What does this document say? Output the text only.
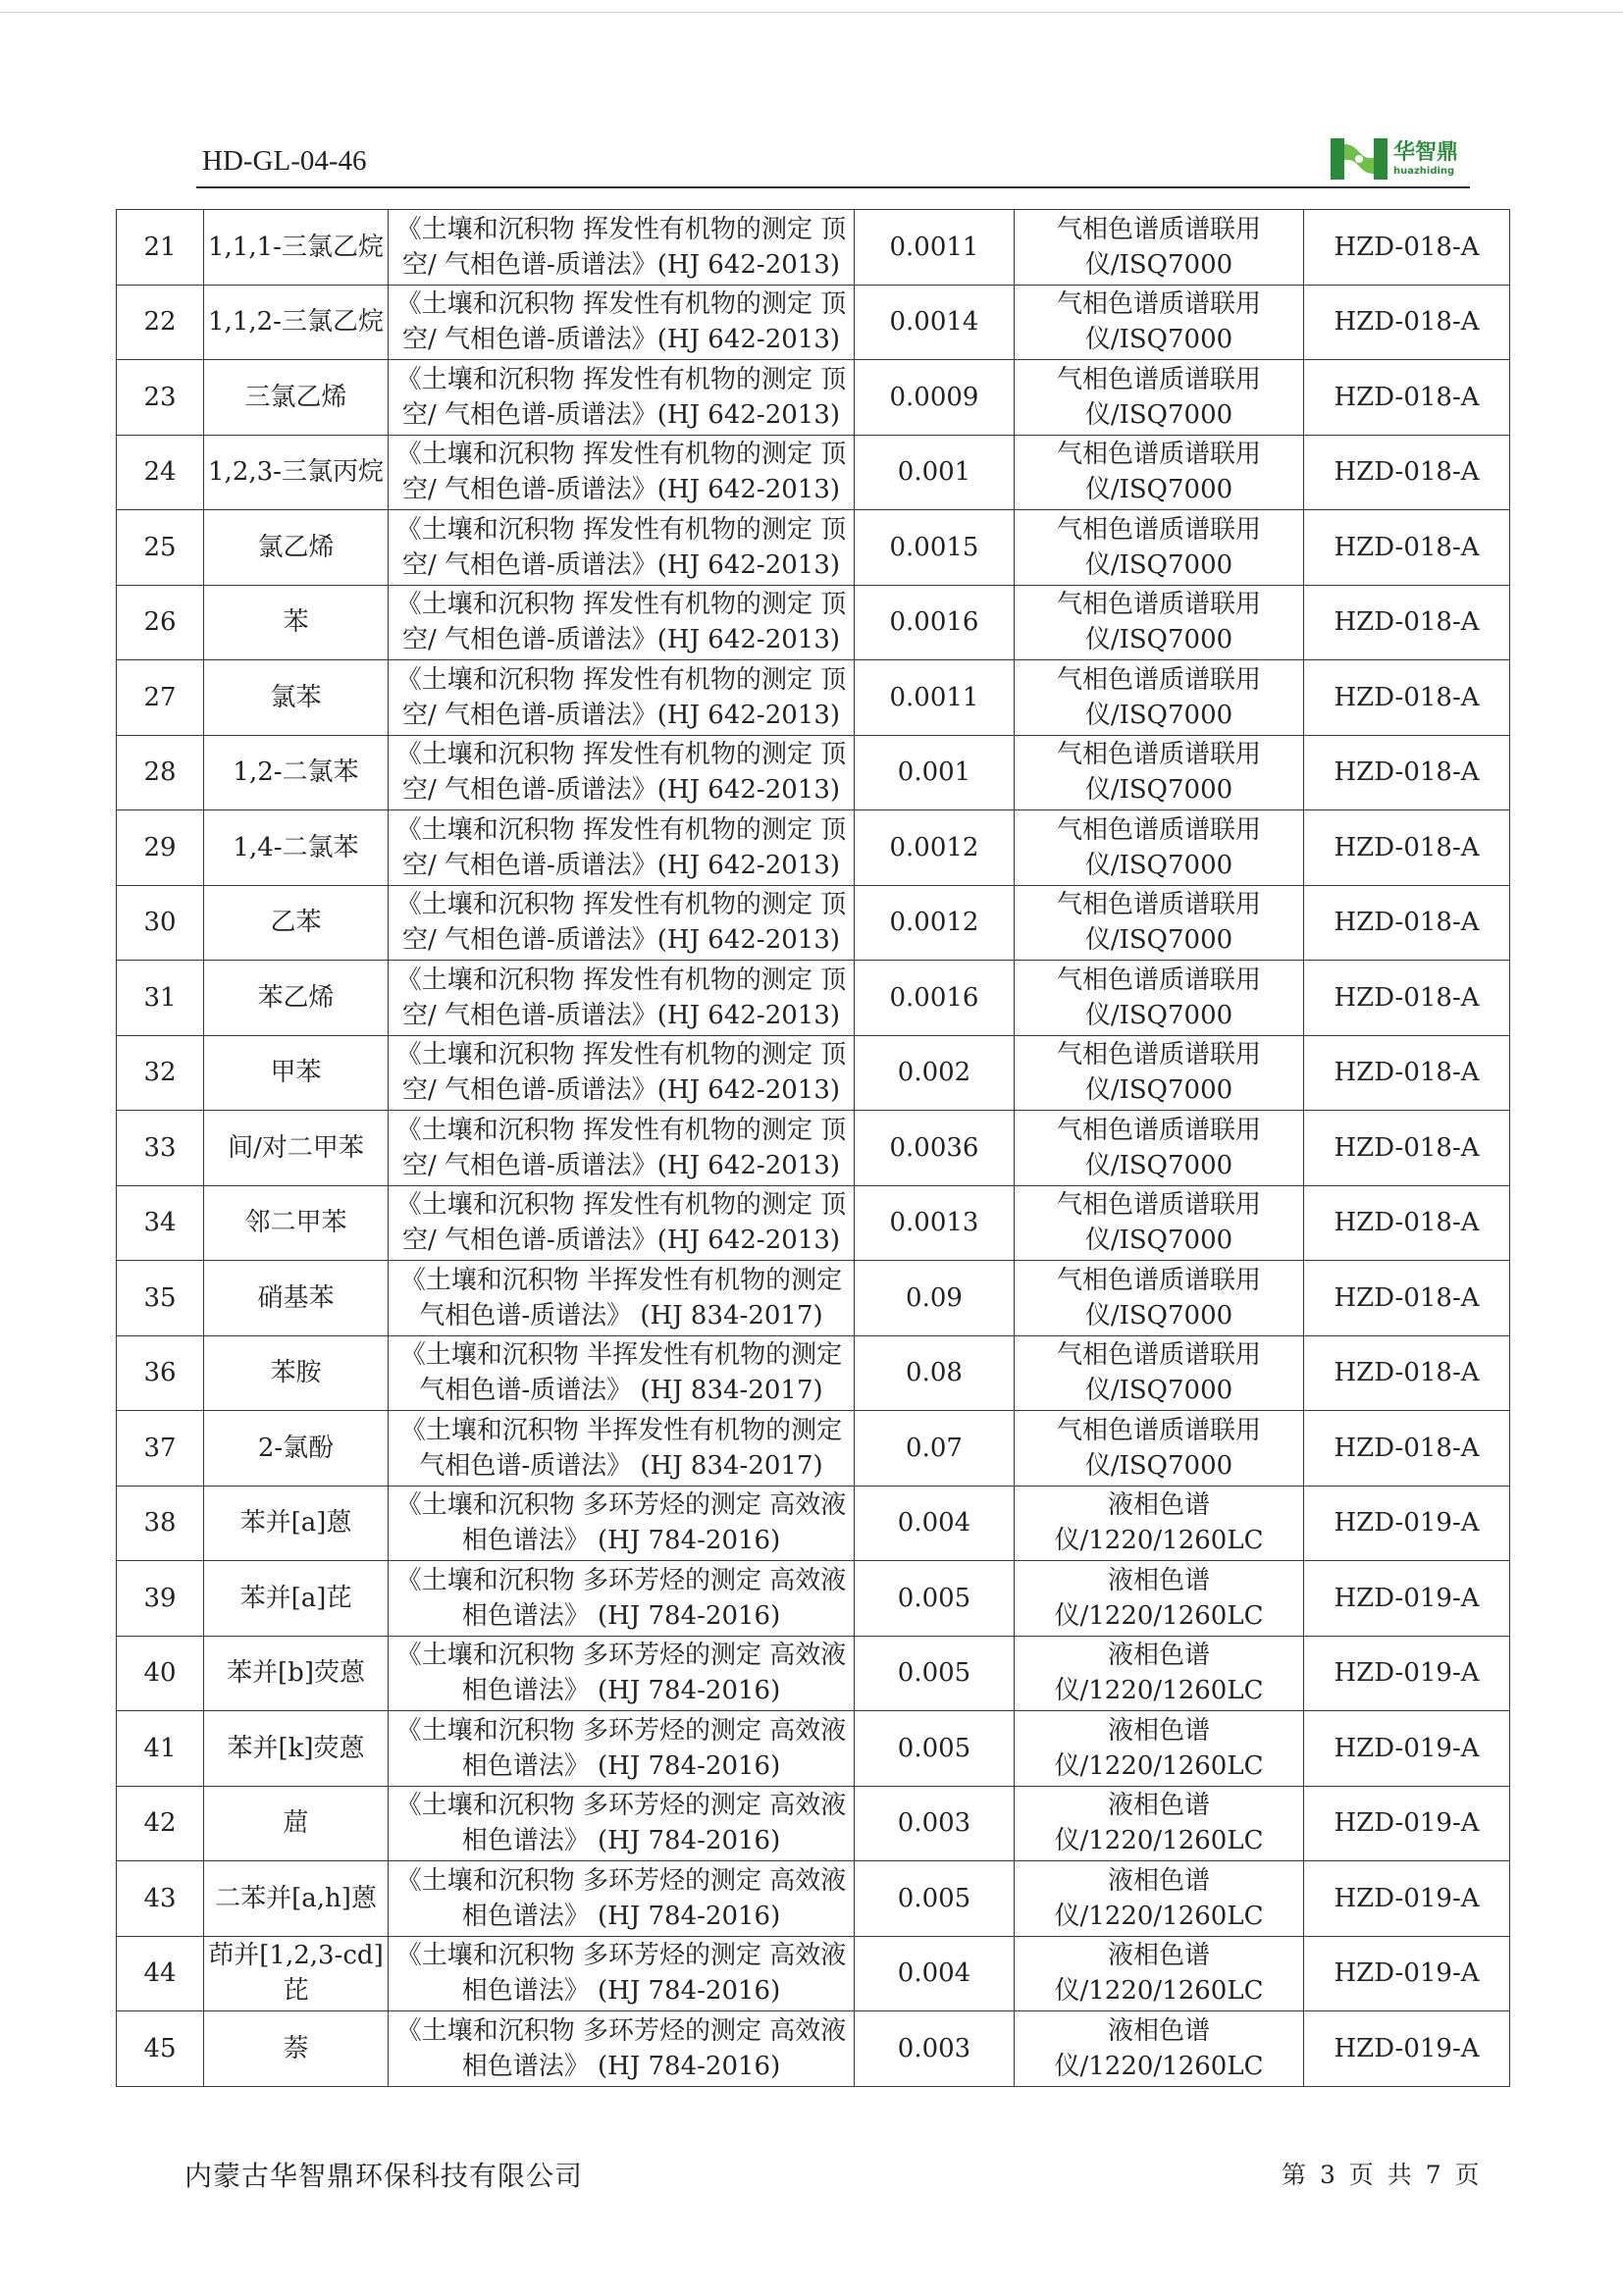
HD-GL-04-46	华智鼎
huazhiding
21	1,1,1-三氯乙烷	《土壤和沉积物 挥发性有机物的测定 顶空/ 气相色谱-质谱法》(HJ 642-2013)	0.0011	气相色谱质谱联用仪/ISQ7000	HZD-018-A
22	1,1,2-三氯乙烷	《土壤和沉积物 挥发性有机物的测定 顶空/ 气相色谱-质谱法》(HJ 642-2013)	0.0014	气相色谱质谱联用仪/ISQ7000	HZD-018-A
23	三氯乙烯	《土壤和沉积物 挥发性有机物的测定 顶空/ 气相色谱-质谱法》(HJ 642-2013)	0.0009	气相色谱质谱联用仪/ISQ7000	HZD-018-A
24	1,2,3-三氯丙烷	《土壤和沉积物 挥发性有机物的测定 顶空/ 气相色谱-质谱法》(HJ 642-2013)	0.001	气相色谱质谱联用仪/ISQ7000	HZD-018-A
25	氯乙烯	《土壤和沉积物 挥发性有机物的测定 顶空/ 气相色谱-质谱法》(HJ 642-2013)	0.0015	气相色谱质谱联用仪/ISQ7000	HZD-018-A
26	苯	《土壤和沉积物 挥发性有机物的测定 顶空/ 气相色谱-质谱法》(HJ 642-2013)	0.0016	气相色谱质谱联用仪/ISQ7000	HZD-018-A
27	氯苯	《土壤和沉积物 挥发性有机物的测定 顶空/ 气相色谱-质谱法》(HJ 642-2013)	0.0011	气相色谱质谱联用仪/ISQ7000	HZD-018-A
28	1,2-二氯苯	《土壤和沉积物 挥发性有机物的测定 顶空/ 气相色谱-质谱法》(HJ 642-2013)	0.001	气相色谱质谱联用仪/ISQ7000	HZD-018-A
29	1,4-二氯苯	《土壤和沉积物 挥发性有机物的测定 顶空/ 气相色谱-质谱法》(HJ 642-2013)	0.0012	气相色谱质谱联用仪/ISQ7000	HZD-018-A
30	乙苯	《土壤和沉积物 挥发性有机物的测定 顶空/ 气相色谱-质谱法》(HJ 642-2013)	0.0012	气相色谱质谱联用仪/ISQ7000	HZD-018-A
31	苯乙烯	《土壤和沉积物 挥发性有机物的测定 顶空/ 气相色谱-质谱法》(HJ 642-2013)	0.0016	气相色谱质谱联用仪/ISQ7000	HZD-018-A
32	甲苯	《土壤和沉积物 挥发性有机物的测定 顶空/ 气相色谱-质谱法》(HJ 642-2013)	0.002	气相色谱质谱联用仪/ISQ7000	HZD-018-A
33	间/对二甲苯	《土壤和沉积物 挥发性有机物的测定 顶空/ 气相色谱-质谱法》(HJ 642-2013)	0.0036	气相色谱质谱联用仪/ISQ7000	HZD-018-A
34	邻二甲苯	《土壤和沉积物 挥发性有机物的测定 顶空/ 气相色谱-质谱法》(HJ 642-2013)	0.0013	气相色谱质谱联用仪/ISQ7000	HZD-018-A
35	硝基苯	《土壤和沉积物 半挥发性有机物的测定气相色谱-质谱法》 (HJ 834-2017)	0.09	气相色谱质谱联用仪/ISQ7000	HZD-018-A
36	苯胺	《土壤和沉积物 半挥发性有机物的测定气相色谱-质谱法》 (HJ 834-2017)	0.08	气相色谱质谱联用仪/ISQ7000	HZD-018-A
37	2-氯酚	《土壤和沉积物 半挥发性有机物的测定气相色谱-质谱法》 (HJ 834-2017)	0.07	气相色谱质谱联用仪/ISQ7000	HZD-018-A
38	苯并[a]蒽	《土壤和沉积物 多环芳烃的测定 高效液相色谱法》 (HJ 784-2016)	0.004	液相色谱仪/1220/1260LC	HZD-019-A
39	苯并[a]芘	《土壤和沉积物 多环芳烃的测定 高效液相色谱法》 (HJ 784-2016)	0.005	液相色谱仪/1220/1260LC	HZD-019-A
40	苯并[b]荧蒽	《土壤和沉积物 多环芳烃的测定 高效液相色谱法》 (HJ 784-2016)	0.005	液相色谱仪/1220/1260LC	HZD-019-A
41	苯并[k]荧蒽	《土壤和沉积物 多环芳烃的测定 高效液相色谱法》 (HJ 784-2016)	0.005	液相色谱仪/1220/1260LC	HZD-019-A
42	䓛	《土壤和沉积物 多环芳烃的测定 高效液相色谱法》 (HJ 784-2016)	0.003	液相色谱仪/1220/1260LC	HZD-019-A
43	二苯并[a,h]蒽	《土壤和沉积物 多环芳烃的测定 高效液相色谱法》 (HJ 784-2016)	0.005	液相色谱仪/1220/1260LC	HZD-019-A
44	茚并[1,2,3-cd]芘	《土壤和沉积物 多环芳烃的测定 高效液相色谱法》 (HJ 784-2016)	0.004	液相色谱仪/1220/1260LC	HZD-019-A
45	萘	《土壤和沉积物 多环芳烃的测定 高效液相色谱法》 (HJ 784-2016)	0.003	液相色谱仪/1220/1260LC	HZD-019-A
内蒙古华智鼎环保科技有限公司	第 3 页 共 7 页
